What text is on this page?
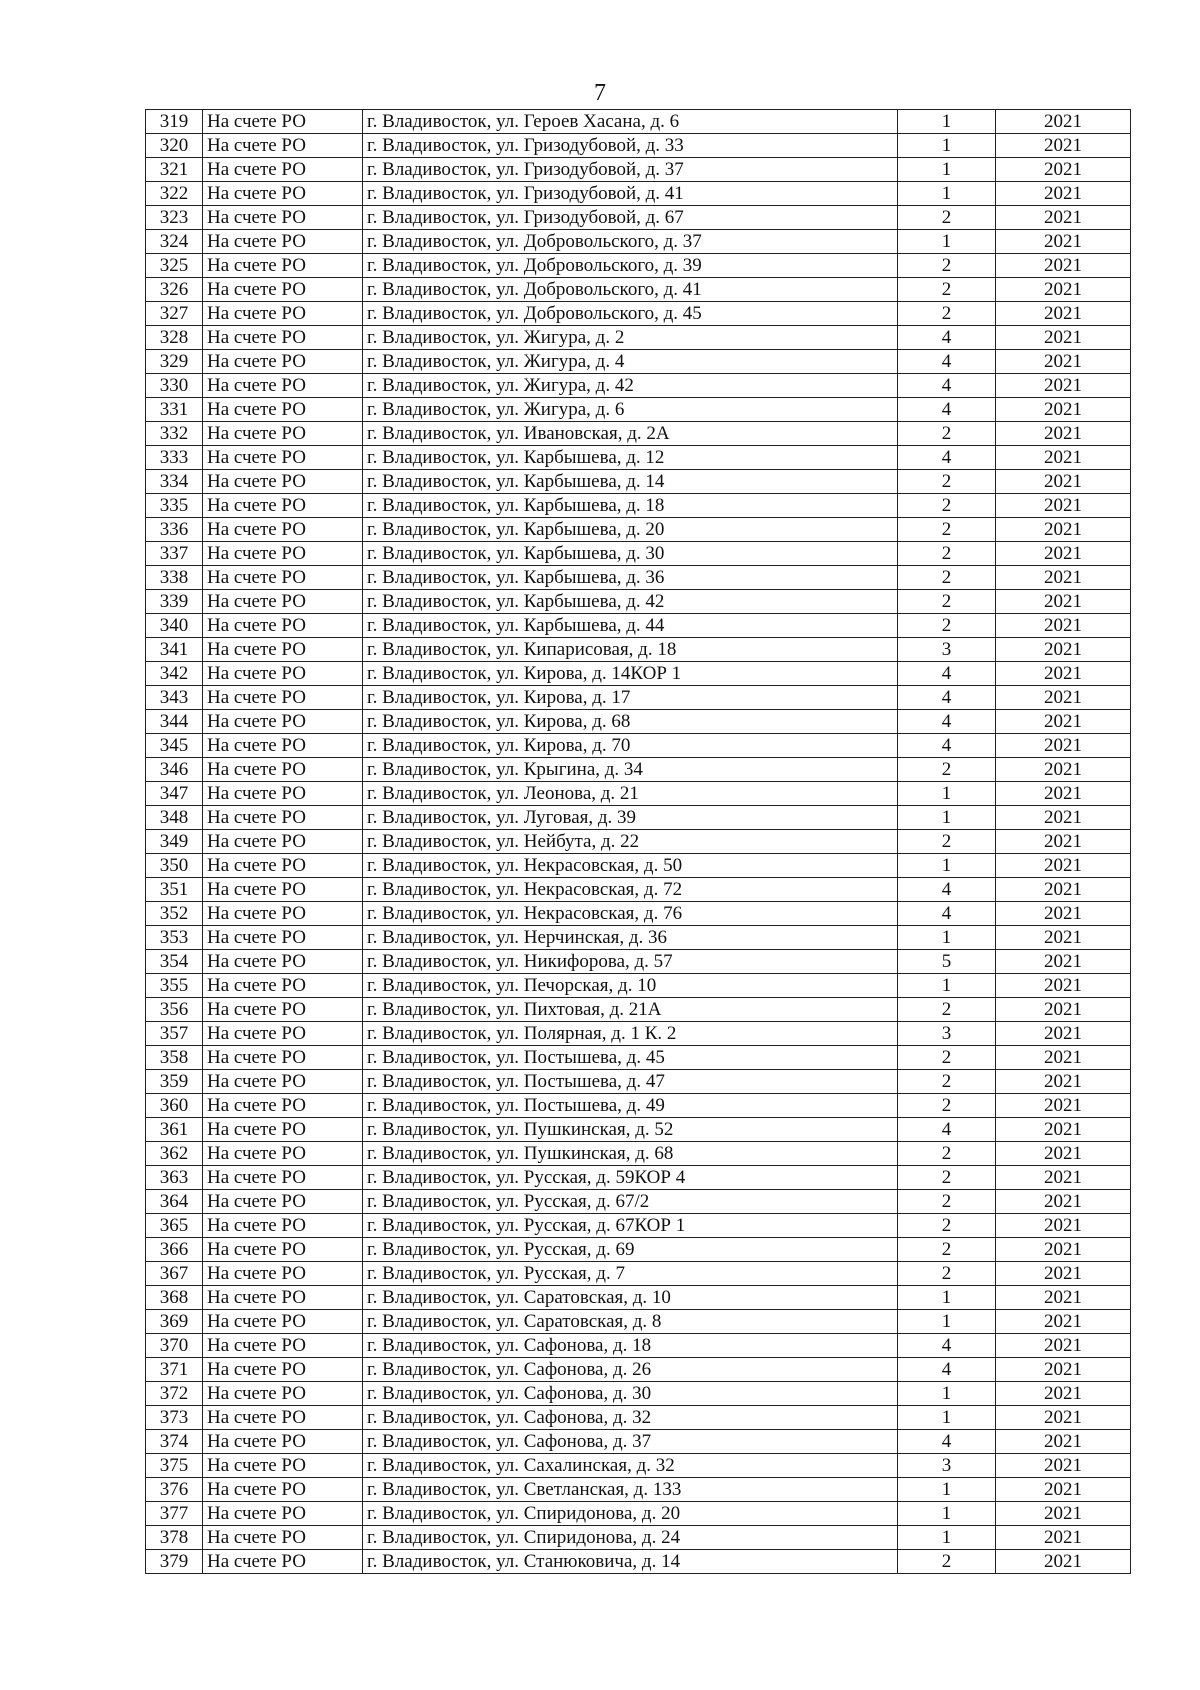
7
319	На счете РО	г. Владивосток, ул. Героев Хасана, д. 6	1	2021
320	На счете РО	г. Владивосток, ул. Гризодубовой, д. 33	1	2021
321	На счете РО	г. Владивосток, ул. Гризодубовой, д. 37	1	2021
322	На счете РО	г. Владивосток, ул. Гризодубовой, д. 41	1	2021
323	На счете РО	г. Владивосток, ул. Гризодубовой, д. 67	2	2021
324	На счете РО	г. Владивосток, ул. Добровольского, д. 37	1	2021
325	На счете РО	г. Владивосток, ул. Добровольского, д. 39	2	2021
326	На счете РО	г. Владивосток, ул. Добровольского, д. 41	2	2021
327	На счете РО	г. Владивосток, ул. Добровольского, д. 45	2	2021
328	На счете РО	г. Владивосток, ул. Жигура, д. 2	4	2021
329	На счете РО	г. Владивосток, ул. Жигура, д. 4	4	2021
330	На счете РО	г. Владивосток, ул. Жигура, д. 42	4	2021
331	На счете РО	г. Владивосток, ул. Жигура, д. 6	4	2021
332	На счете РО	г. Владивосток, ул. Ивановская, д. 2А	2	2021
333	На счете РО	г. Владивосток, ул. Карбышева, д. 12	4	2021
334	На счете РО	г. Владивосток, ул. Карбышева, д. 14	2	2021
335	На счете РО	г. Владивосток, ул. Карбышева, д. 18	2	2021
336	На счете РО	г. Владивосток, ул. Карбышева, д. 20	2	2021
337	На счете РО	г. Владивосток, ул. Карбышева, д. 30	2	2021
338	На счете РО	г. Владивосток, ул. Карбышева, д. 36	2	2021
339	На счете РО	г. Владивосток, ул. Карбышева, д. 42	2	2021
340	На счете РО	г. Владивосток, ул. Карбышева, д. 44	2	2021
341	На счете РО	г. Владивосток, ул. Кипарисовая, д. 18	3	2021
342	На счете РО	г. Владивосток, ул. Кирова, д. 14КОР 1	4	2021
343	На счете РО	г. Владивосток, ул. Кирова, д. 17	4	2021
344	На счете РО	г. Владивосток, ул. Кирова, д. 68	4	2021
345	На счете РО	г. Владивосток, ул. Кирова, д. 70	4	2021
346	На счете РО	г. Владивосток, ул. Крыгина, д. 34	2	2021
347	На счете РО	г. Владивосток, ул. Леонова, д. 21	1	2021
348	На счете РО	г. Владивосток, ул. Луговая, д. 39	1	2021
349	На счете РО	г. Владивосток, ул. Нейбута, д. 22	2	2021
350	На счете РО	г. Владивосток, ул. Некрасовская, д. 50	1	2021
351	На счете РО	г. Владивосток, ул. Некрасовская, д. 72	4	2021
352	На счете РО	г. Владивосток, ул. Некрасовская, д. 76	4	2021
353	На счете РО	г. Владивосток, ул. Нерчинская, д. 36	1	2021
354	На счете РО	г. Владивосток, ул. Никифорова, д. 57	5	2021
355	На счете РО	г. Владивосток, ул. Печорская, д. 10	1	2021
356	На счете РО	г. Владивосток, ул. Пихтовая, д. 21А	2	2021
357	На счете РО	г. Владивосток, ул. Полярная, д. 1 К. 2	3	2021
358	На счете РО	г. Владивосток, ул. Постышева, д. 45	2	2021
359	На счете РО	г. Владивосток, ул. Постышева, д. 47	2	2021
360	На счете РО	г. Владивосток, ул. Постышева, д. 49	2	2021
361	На счете РО	г. Владивосток, ул. Пушкинская, д. 52	4	2021
362	На счете РО	г. Владивосток, ул. Пушкинская, д. 68	2	2021
363	На счете РО	г. Владивосток, ул. Русская, д. 59КОР 4	2	2021
364	На счете РО	г. Владивосток, ул. Русская, д. 67/2	2	2021
365	На счете РО	г. Владивосток, ул. Русская, д. 67КОР 1	2	2021
366	На счете РО	г. Владивосток, ул. Русская, д. 69	2	2021
367	На счете РО	г. Владивосток, ул. Русская, д. 7	2	2021
368	На счете РО	г. Владивосток, ул. Саратовская, д. 10	1	2021
369	На счете РО	г. Владивосток, ул. Саратовская, д. 8	1	2021
370	На счете РО	г. Владивосток, ул. Сафонова, д. 18	4	2021
371	На счете РО	г. Владивосток, ул. Сафонова, д. 26	4	2021
372	На счете РО	г. Владивосток, ул. Сафонова, д. 30	1	2021
373	На счете РО	г. Владивосток, ул. Сафонова, д. 32	1	2021
374	На счете РО	г. Владивосток, ул. Сафонова, д. 37	4	2021
375	На счете РО	г. Владивосток, ул. Сахалинская, д. 32	3	2021
376	На счете РО	г. Владивосток, ул. Светланская, д. 133	1	2021
377	На счете РО	г. Владивосток, ул. Спиридонова, д. 20	1	2021
378	На счете РО	г. Владивосток, ул. Спиридонова, д. 24	1	2021
379	На счете РО	г. Владивосток, ул. Станюковича, д. 14	2	2021
